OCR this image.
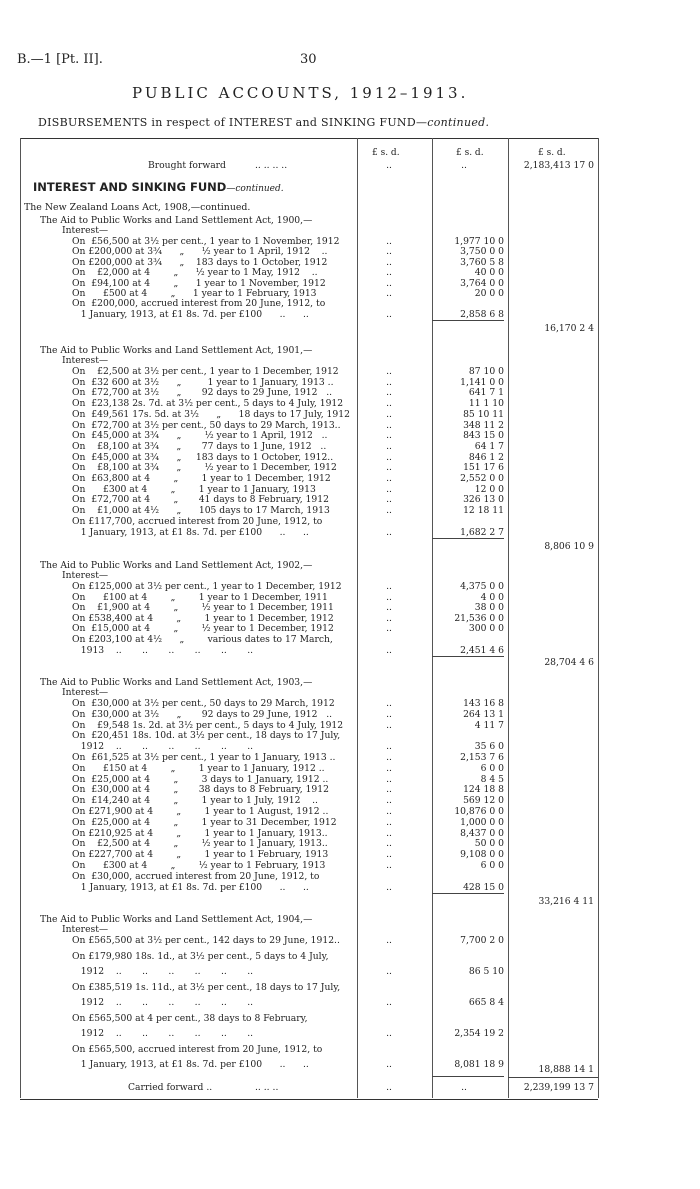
B.—1 [Pt. II].	30
PUBLIC ACCOUNTS, 1912–1913.
DISBURSEMENTS in respect of INTEREST and SINKING FUND—continued.
£ s. d.	£ s. d.	£ s. d.
Brought forward	.. .. .. ..	..	..	2,183,413 17 0
INTEREST AND SINKING FUND—continued.
The New Zealand Loans Act, 1908,—continued.
The Aid to Public Works and Land Settlement Act, 1900,—
Interest—
On  £56,500 at 3½ per cent., 1 year to 1 November, 1912	..	1,977 10 0
On £200,000 at 3¾      „      ½ year to 1 April, 1912    ..	..	3,750 0 0
On £200,000 at 3¾      „    183 days to 1 October, 1912	..	3,760 5 8
On    £2,000 at 4        „      ½ year to 1 May, 1912    ..	..	40 0 0
On  £94,100 at 4        „      1 year to 1 November, 1912	..	3,764 0 0
On      £500 at 4        „      1 year to 1 February, 1913	..	20 0 0
On  £200,000, accrued interest from 20 June, 1912, to
1 January, 1913, at £1 8s. 7d. per £100      ..      ..	..	2,858 6 8
16,170 2 4
The Aid to Public Works and Land Settlement Act, 1901,—
Interest—
On    £2,500 at 3½ per cent., 1 year to 1 December, 1912	..	87 10 0
On  £32 600 at 3½      „         1 year to 1 January, 1913 ..	..	1,141 0 0
On  £72,700 at 3½      „       92 days to 29 June, 1912   ..	..	641 7 1
On  £23,138 2s. 7d. at 3½ per cent., 5 days to 4 July, 1912	..	11 1 10
On  £49,561 17s. 5d. at 3½      „      18 days to 17 July, 1912	..	85 10 11
On  £72,700 at 3½ per cent., 50 days to 29 March, 1913..	..	348 11 2
On  £45,000 at 3¾      „        ½ year to 1 April, 1912   ..	..	843 15 0
On    £8,100 at 3¾      „       77 days to 1 June, 1912   ..	..	64 1 7
On  £45,000 at 3¾      „     183 days to 1 October, 1912..	..	846 1 2
On    £8,100 at 3¾      „        ½ year to 1 December, 1912	..	151 17 6
On  £63,800 at 4        „        1 year to 1 December, 1912	..	2,552 0 0
On      £300 at 4        „        1 year to 1 January, 1913	..	12 0 0
On  £72,700 at 4        „       41 days to 8 February, 1912	..	326 13 0
On    £1,000 at 4½      „      105 days to 17 March, 1913	..	12 18 11
On £117,700, accrued interest from 20 June, 1912, to
1 January, 1913, at £1 8s. 7d. per £100      ..      ..	..	1,682 2 7
8,806 10 9
The Aid to Public Works and Land Settlement Act, 1902,—
Interest—
On £125,000 at 3½ per cent., 1 year to 1 December, 1912	..	4,375 0 0
On      £100 at 4        „        1 year to 1 December, 1911	..	4 0 0
On    £1,900 at 4        „        ½ year to 1 December, 1911	..	38 0 0
On £538,400 at 4        „        1 year to 1 December, 1912	..	21,536 0 0
On  £15,000 at 4        „        ½ year to 1 December, 1912	..	300 0 0
On £203,100 at 4½      „        various dates to 17 March,
1913    ..       ..       ..       ..       ..       ..	..	2,451 4 6
28,704 4 6
The Aid to Public Works and Land Settlement Act, 1903,—
Interest—
On  £30,000 at 3½ per cent., 50 days to 29 March, 1912	..	143 16 8
On  £30,000 at 3½      „       92 days to 29 June, 1912   ..	..	264 13 1
On    £9,548 1s. 2d. at 3½ per cent., 5 days to 4 July, 1912	..	4 11 7
On  £20,451 18s. 10d. at 3½ per cent., 18 days to 17 July,
1912    ..       ..       ..       ..       ..       ..	..	35 6 0
On  £61,525 at 3½ per cent., 1 year to 1 January, 1913 ..	..	2,153 7 6
On      £150 at 4        „        1 year to 1 January, 1912 ..	..	6 0 0
On  £25,000 at 4        „        3 days to 1 January, 1912 ..	..	8 4 5
On  £30,000 at 4        „       38 days to 8 February, 1912	..	124 18 8
On  £14,240 at 4        „        1 year to 1 July, 1912    ..	..	569 12 0
On £271,900 at 4        „        1 year to 1 August, 1912 ..	..	10,876 0 0
On  £25,000 at 4        „        1 year to 31 December, 1912	..	1,000 0 0
On £210,925 at 4        „        1 year to 1 January, 1913..	..	8,437 0 0
On    £2,500 at 4        „        ½ year to 1 January, 1913..	..	50 0 0
On £227,700 at 4        „        1 year to 1 February, 1913	..	9,108 0 0
On      £300 at 4        „        ½ year to 1 February, 1913	..	6 0 0
On  £30,000, accrued interest from 20 June, 1912, to
1 January, 1913, at £1 8s. 7d. per £100      ..      ..	..	428 15 0
33,216 4 11
The Aid to Public Works and Land Settlement Act, 1904,—
Interest—
On £565,500 at 3½ per cent., 142 days to 29 June, 1912..	..	7,700 2 0
On £179,980 18s. 1d., at 3½ per cent., 5 days to 4 July,
1912    ..       ..       ..       ..       ..       ..	..	86 5 10
On £385,519 1s. 11d., at 3½ per cent., 18 days to 17 July,
1912    ..       ..       ..       ..       ..       ..	..	665 8 4
On £565,500 at 4 per cent., 38 days to 8 February,
1912    ..       ..       ..       ..       ..       ..	..	2,354 19 2
On £565,500, accrued interest from 20 June, 1912, to
1 January, 1913, at £1 8s. 7d. per £100      ..      ..	..	8,081 18 9	18,888 14 1
Carried forward ..	.. .. ..	..	..	2,239,199 13 7
